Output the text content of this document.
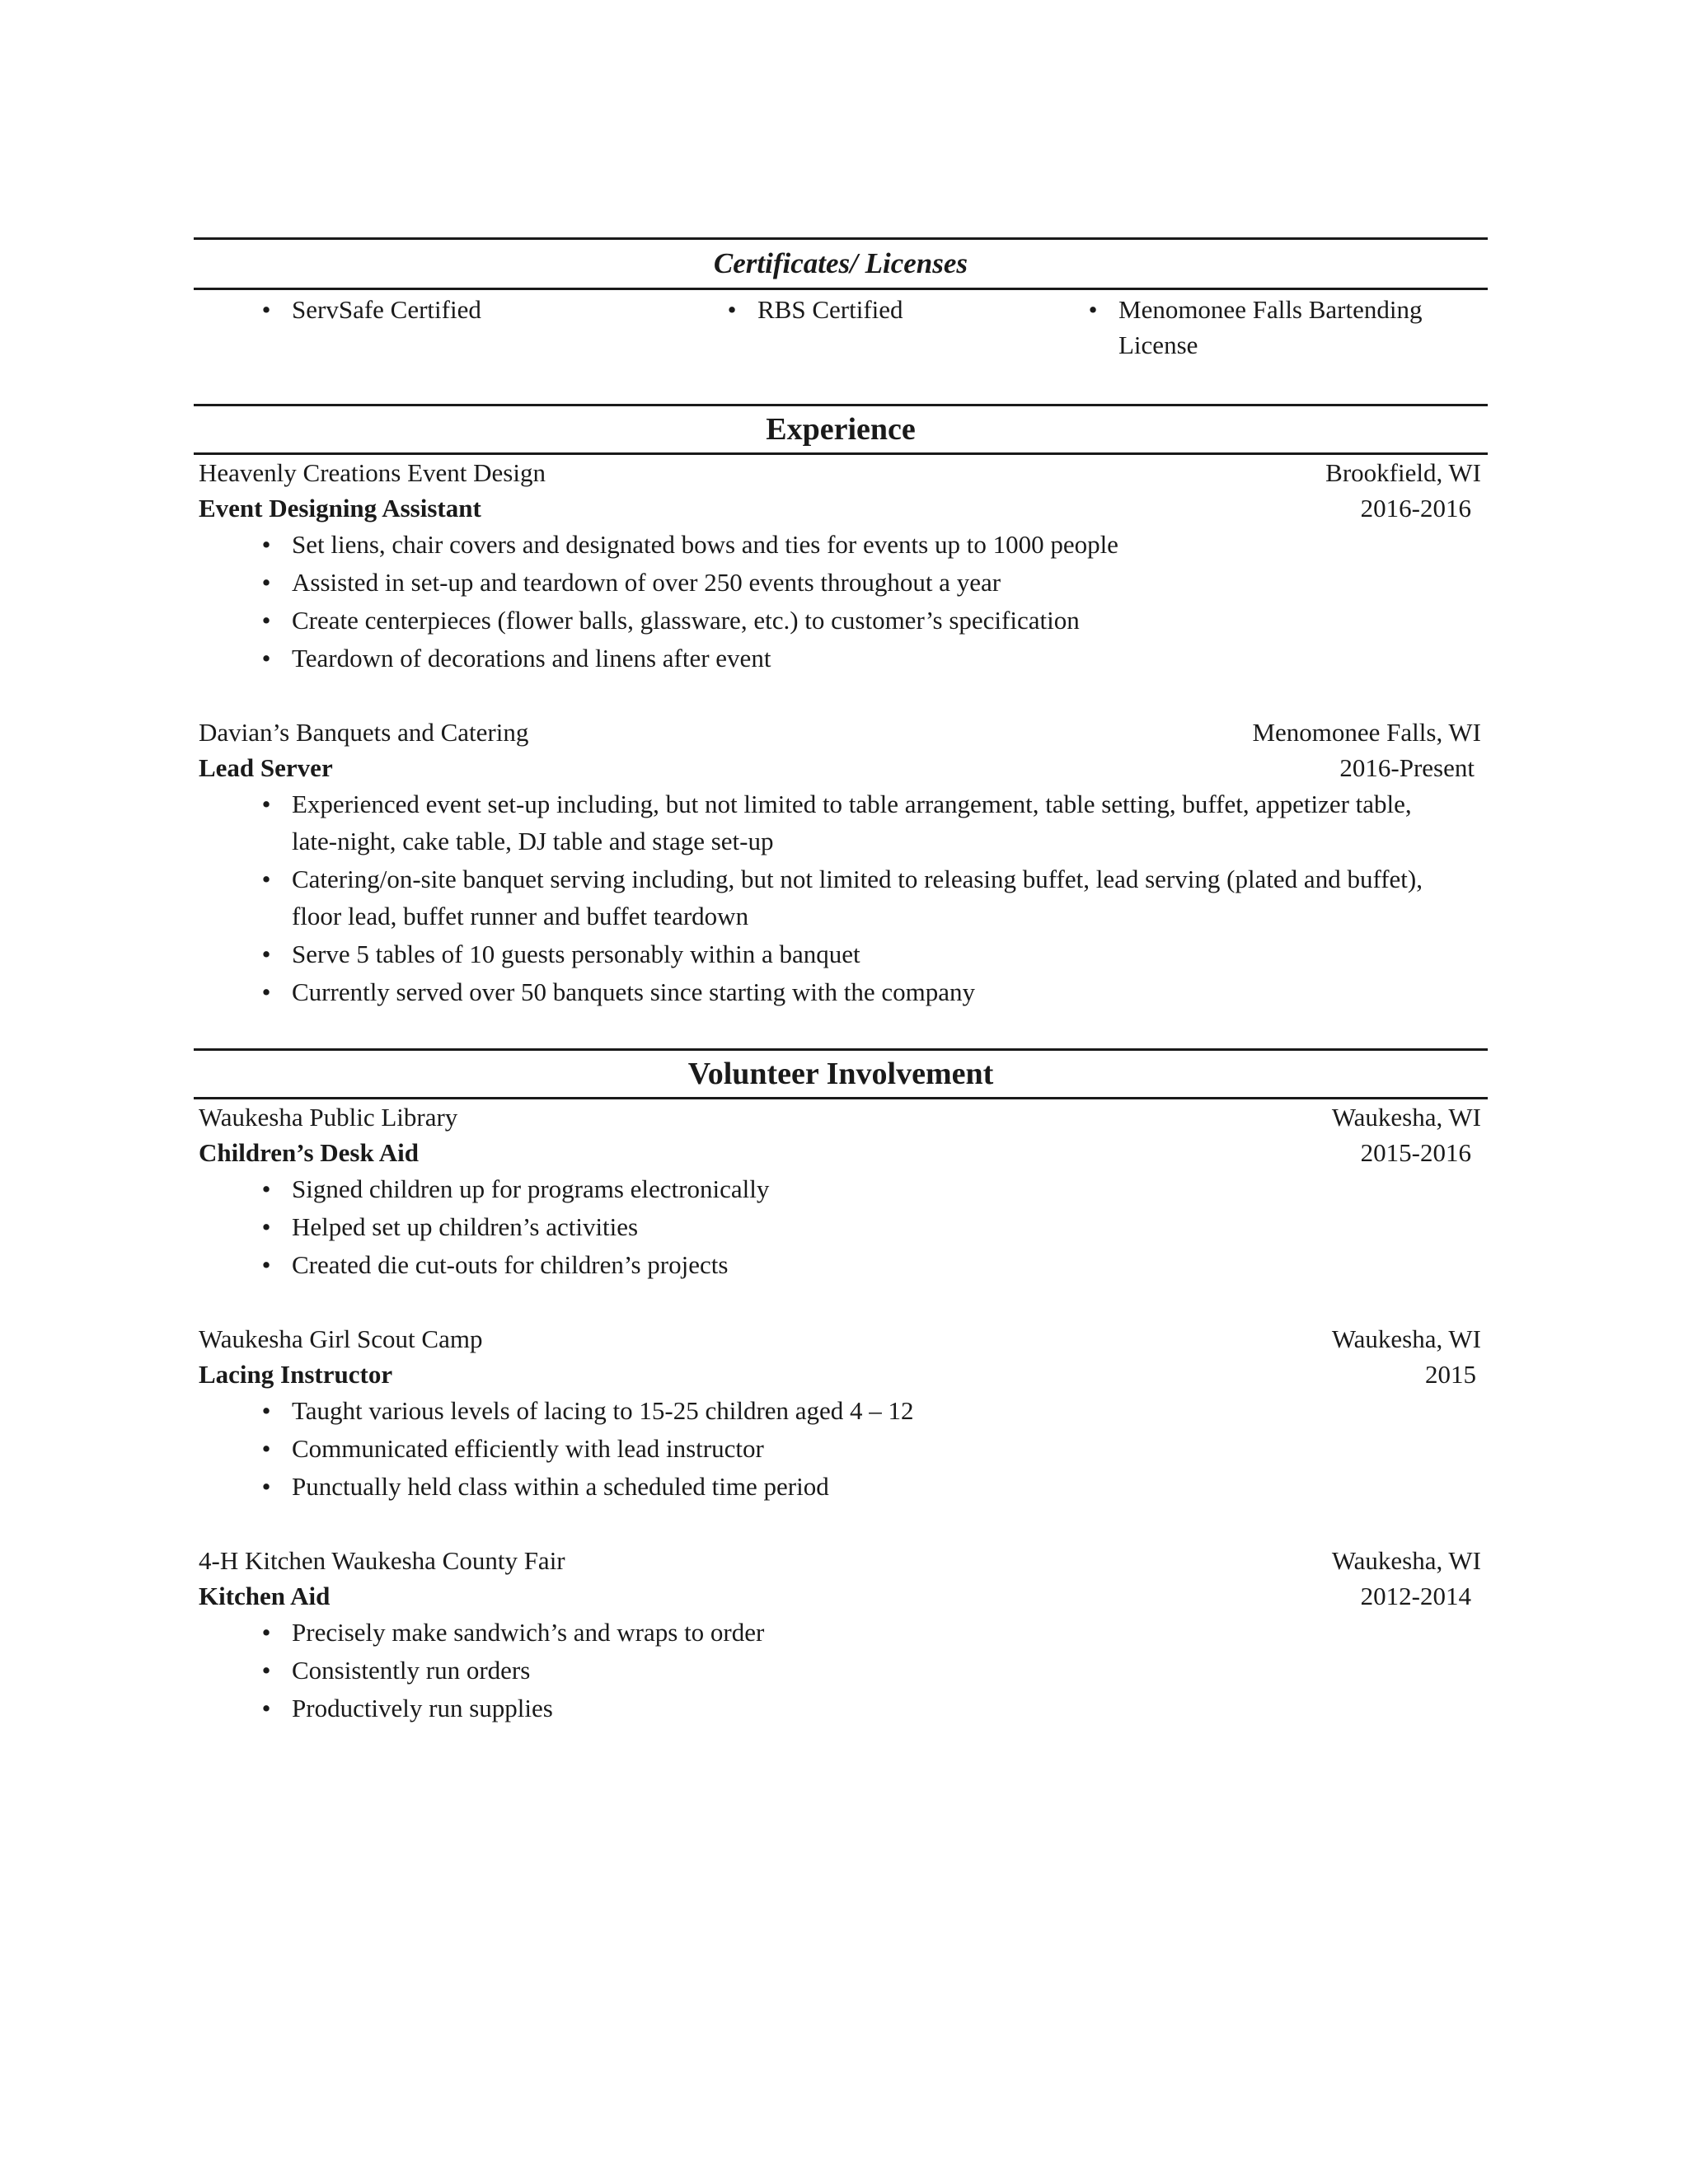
Certificates/ Licenses
• ServSafe Certified	• RBS Certified	• Menomonee Falls Bartending License
Experience
Heavenly Creations Event Design	Brookfield, WI
Event Designing Assistant	2016-2016
• Set liens, chair covers and designated bows and ties for events up to 1000 people
• Assisted in set-up and teardown of over 250 events throughout a year
• Create centerpieces (flower balls, glassware, etc.) to customer’s specification
• Teardown of decorations and linens after event
Davian’s Banquets and Catering	Menomonee Falls, WI
Lead Server	2016-Present
• Experienced event set-up including, but not limited to table arrangement, table setting, buffet, appetizer table, late-night, cake table, DJ table and stage set-up
• Catering/on-site banquet serving including, but not limited to releasing buffet, lead serving (plated and buffet), floor lead, buffet runner and buffet teardown
• Serve 5 tables of 10 guests personably within a banquet
• Currently served over 50 banquets since starting with the company
Volunteer Involvement
Waukesha Public Library	Waukesha, WI
Children’s Desk Aid	2015-2016
• Signed children up for programs electronically
• Helped set up children’s activities
• Created die cut-outs for children’s projects
Waukesha Girl Scout Camp	Waukesha, WI
Lacing Instructor	2015
• Taught various levels of lacing to 15-25 children aged 4 – 12
• Communicated efficiently with lead instructor
• Punctually held class within a scheduled time period
4-H Kitchen Waukesha County Fair	Waukesha, WI
Kitchen Aid	2012-2014
• Precisely make sandwich’s and wraps to order
• Consistently run orders
• Productively run supplies
